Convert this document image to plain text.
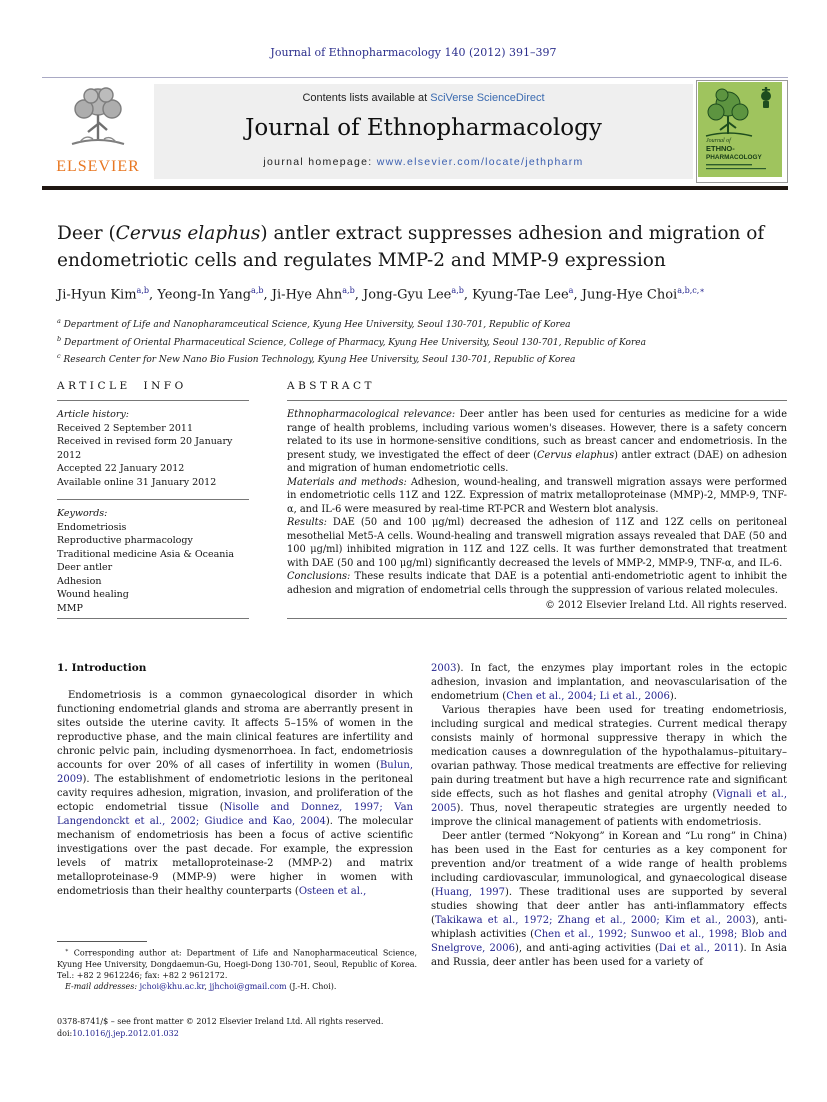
Journal of Ethnopharmacology 140 (2012) 391–397
ELSEVIER
Contents lists available at SciVerse ScienceDirect
Journal of Ethnopharmacology
journal homepage: www.elsevier.com/locate/jethpharm
Journal of
ETHNO-
PHARMACOLOGY
Deer (Cervus elaphus) antler extract suppresses adhesion and migration of endometriotic cells and regulates MMP-2 and MMP-9 expression
Ji-Hyun Kim$^{a,b}$, Yeong-In Yang$^{a,b}$, Ji-Hye Ahn$^{a,b}$, Jong-Gyu Lee$^{a,b}$, Kyung-Tae Lee$^a$, Jung-Hye Choi$^{a,b,c,∗}$
$^a$ Department of Life and Nanopharamceutical Science, Kyung Hee University, Seoul 130-701, Republic of Korea
$^b$ Department of Oriental Pharmaceutical Science, College of Pharmacy, Kyung Hee University, Seoul 130-701, Republic of Korea
$^c$ Research Center for New Nano Bio Fusion Technology, Kyung Hee University, Seoul 130-701, Republic of Korea
ARTICLE INFO
Article history:
Received 2 September 2011
Received in revised form 20 January 2012
Accepted 22 January 2012
Available online 31 January 2012
Keywords:
Endometriosis
Reproductive pharmacology
Traditional medicine Asia & Oceania
Deer antler
Adhesion
Wound healing
MMP
ABSTRACT

Ethnopharmacological relevance: Deer antler has been used for centuries as medicine for a wide range of health problems, including various women's diseases. However, there is a safety concern related to its use in hormone-sensitive conditions, such as breast cancer and endometriosis. In the present study, we investigated the effect of deer (Cervus elaphus) antler extract (DAE) on adhesion and migration of human endometriotic cells.

Materials and methods: Adhesion, wound-healing, and transwell migration assays were performed in endometriotic cells 11Z and 12Z. Expression of matrix metalloproteinase (MMP)-2, MMP-9, TNF-α, and IL-6 were measured by real-time RT-PCR and Western blot analysis.

Results: DAE (50 and 100 μg/ml) decreased the adhesion of 11Z and 12Z cells on peritoneal mesothelial Met5-A cells. Wound-healing and transwell migration assays revealed that DAE (50 and 100 μg/ml) inhibited migration in 11Z and 12Z cells. It was further demonstrated that treatment with DAE (50 and 100 μg/ml) significantly decreased the levels of MMP-2, MMP-9, TNF-α, and IL-6.

Conclusions: These results indicate that DAE is a potential anti-endometriotic agent to inhibit the adhesion and migration of endometrial cells through the suppression of various related molecules.

© 2012 Elsevier Ireland Ltd. All rights reserved.
1. Introduction

Endometriosis is a common gynaecological disorder in which functioning endometrial glands and stroma are aberrantly present in sites outside the uterine cavity. It affects 5–15% of women in the reproductive phase, and the main clinical features are infertility and chronic pelvic pain, including dysmenorrhoea. In fact, endometriosis accounts for over 20% of all cases of infertility in women (Bulun, 2009). The establishment of endometriotic lesions in the peritoneal cavity requires adhesion, migration, invasion, and proliferation of the ectopic endometrial tissue (Nisolle and Donnez, 1997; Van Langendonckt et al., 2002; Giudice and Kao, 2004). The molecular mechanism of endometriosis has been a focus of active scientific investigations over the past decade. For example, the expression levels of matrix metalloproteinase-2 (MMP-2) and matrix metalloproteinase-9 (MMP-9) were higher in women with endometriosis than their healthy counterparts (Osteen et al.,

2003). In fact, the enzymes play important roles in the ectopic adhesion, invasion and implantation, and neovascularisation of the endometrium (Chen et al., 2004; Li et al., 2006).

Various therapies have been used for treating endometriosis, including surgical and medical strategies. Current medical therapy consists mainly of hormonal suppressive therapy in which the medication causes a downregulation of the hypothalamus–pituitary–ovarian pathway. Those medical treatments are effective for relieving pain during treatment but have a high recurrence rate and significant side effects, such as hot flashes and genital atrophy (Vignali et al., 2005). Thus, novel therapeutic strategies are urgently needed to improve the clinical management of patients with endometriosis.

Deer antler (termed “Nokyong” in Korean and “Lu rong” in China) has been used in the East for centuries as a key component for prevention and/or treatment of a wide range of health problems including cardiovascular, immunological, and gynaecological disease (Huang, 1997). These traditional uses are supported by several studies showing that deer antler has anti-inflammatory effects (Takikawa et al., 1972; Zhang et al., 2000; Kim et al., 2003), anti-whiplash activities (Chen et al., 1992; Sunwoo et al., 1998; Blob and Snelgrove, 2006), and anti-aging activities (Dai et al., 2011). In Asia and Russia, deer antler has been used for a variety of

∗ Corresponding author at: Department of Life and Nanopharmaceutical Science, Kyung Hee University, Dongdaemun-Gu, Hoegi-Dong 130-701, Seoul, Republic of Korea. Tel.: +82 2 9612246; fax: +82 2 9612172.

E-mail addresses: jchoi@khu.ac.kr, jjhchoi@gmail.com (J.-H. Choi).

0378-8741/$ – see front matter © 2012 Elsevier Ireland Ltd. All rights reserved.
doi:10.1016/j.jep.2012.01.032
